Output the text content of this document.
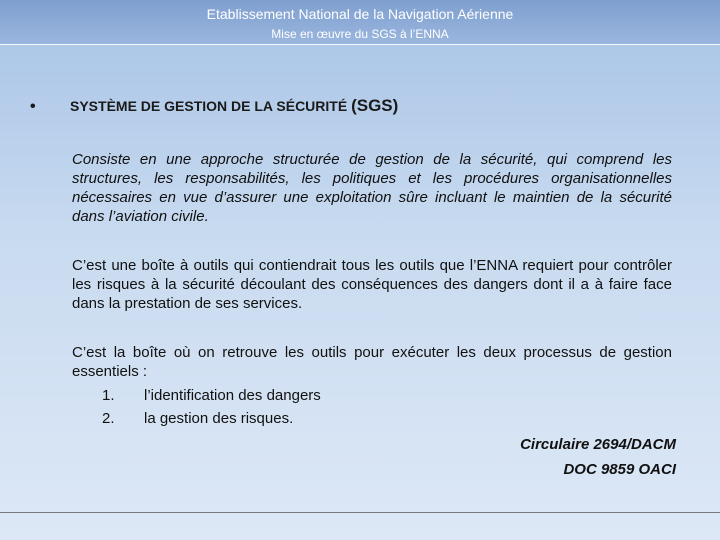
Etablissement National de la Navigation Aérienne
Mise en œuvre du SGS à l’ENNA
• SYSTÈME DE GESTION DE LA SÉCURITÉ (SGS)
Consiste en une approche structurée de gestion de la sécurité, qui comprend les structures, les responsabilités, les politiques et les procédures organisationnelles nécessaires en vue d’assurer une exploitation sûre incluant le maintien de la sécurité dans l’aviation civile.
C’est une boîte à outils qui contiendrait tous les outils que l’ENNA requiert pour contrôler les risques à la sécurité découlant des conséquences des dangers dont il a à faire face dans la prestation de ses services.
C’est la boîte où on retrouve les outils pour exécuter les deux processus de gestion essentiels :
1. l’identification des dangers
2. la gestion des risques.
Circulaire 2694/DACM
DOC 9859 OACI
